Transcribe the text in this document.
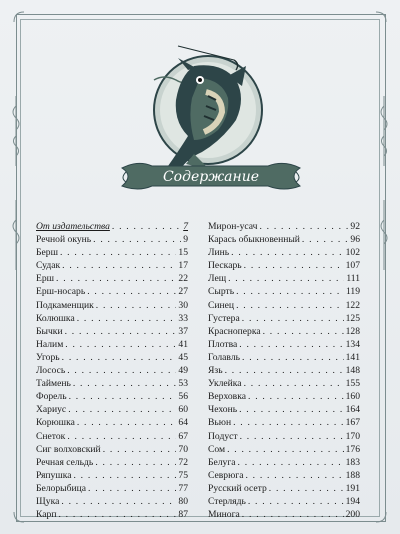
Содержание
От издательства . . .	7
Речной окунь . . .	9
Берш . . .	15
Судак . . .	17
Ерш . . .	22
Ерш-носарь . . .	27
Подкаменщик . . .	30
Колюшка . . .	33
Бычки . . .	37
Налим . . .	41
Угорь . . .	45
Лосось . . .	49
Таймень . . .	53
Форель . . .	56
Хариус . . .	60
Корюшка . . .	64
Снеток . . .	67
Сиг волховский . . .	70
Речная сельдь . . .	72
Ряпушка . . .	75
Белорыбица . . .	77
Щука . . .	80
Карп . . .	87
Мирон-усач . . .	92
Карась обыкновенный . . .	96
Линь . . .	102
Пескарь . . .	107
Лещ . . .	111
Сырть . . .	119
Синец . . .	122
Густера . . .	125
Красноперка . . .	128
Плотва . . .	134
Голавль . . .	141
Язь . . .	148
Уклейка . . .	155
Верховка . . .	160
Чехонь . . .	164
Вьюн . . .	167
Подуст . . .	170
Сом . . .	176
Белуга . . .	183
Севрюга . . .	188
Русский осетр . . .	191
Стерлядь . . .	194
Минога . . .	200
